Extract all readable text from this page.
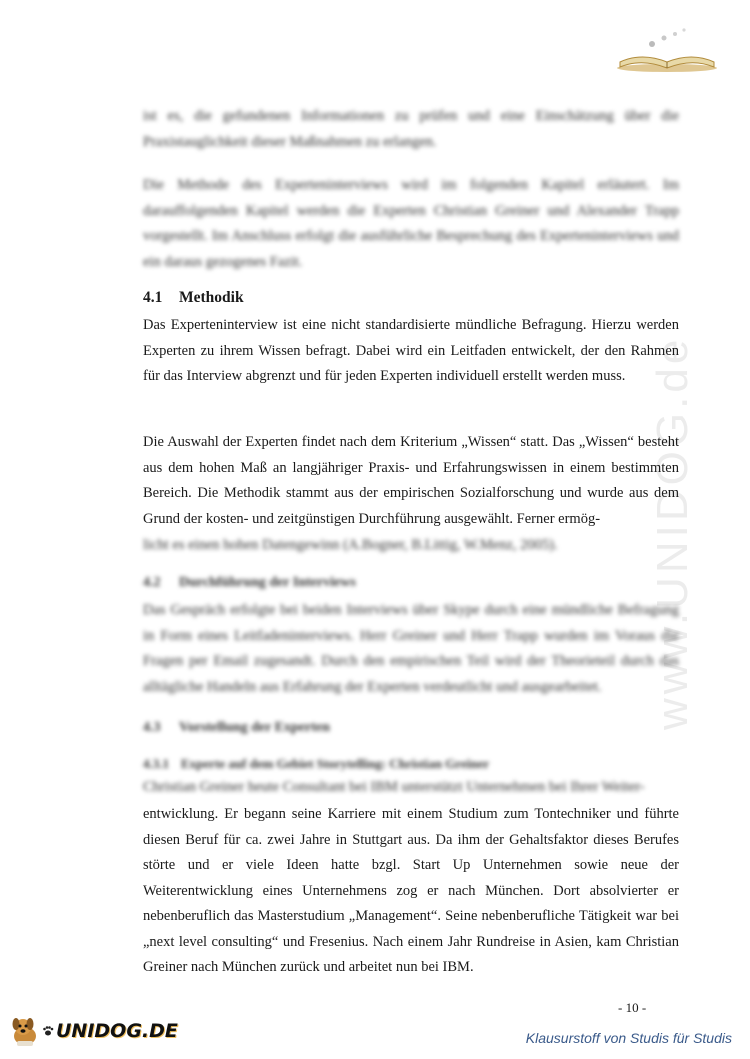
www.UNIDOG.de
ist es, die gefundenen Informationen zu prüfen und eine Einschätzung über die Praxistauglichkeit dieser Maßnahmen zu erlangen.
Die Methode des Experteninterviews wird im folgenden Kapitel erläutert. Im darauffolgenden Kapitel werden die Experten Christian Greiner und Alexander Trapp vorgestellt. Im Anschluss erfolgt die ausführliche Besprechung des Experteninterviews und ein daraus gezogenes Fazit.
4.1 Methodik
Das Experteninterview ist eine nicht standardisierte mündliche Befragung. Hierzu werden Experten zu ihrem Wissen befragt. Dabei wird ein Leitfaden entwickelt, der den Rahmen für das Interview abgrenzt und für jeden Experten individuell erstellt werden muss.
Die Auswahl der Experten findet nach dem Kriterium „Wissen“ statt. Das „Wissen“ besteht aus dem hohen Maß an langjähriger Praxis- und Erfahrungswissen in einem bestimmten Bereich. Die Methodik stammt aus der empirischen Sozialforschung und wurde aus dem Grund der kosten- und zeitgünstigen Durchführung ausgewählt. Ferner ermög-
licht es einen hohen Datengewinn (A.Bogner, B.Littig, W.Menz, 2005).
4.2 Durchführung der Interviews
Das Gespräch erfolgte bei beiden Interviews über Skype durch eine mündliche Befragung in Form eines Leitfadeninterviews. Herr Greiner und Herr Trapp wurden im Voraus die Fragen per Email zugesandt. Durch den empirischen Teil wird der Theorieteil durch das alltägliche Handeln aus Erfahrung der Experten verdeutlicht und ausgearbeitet.
4.3 Vorstellung der Experten
4.3.1 Experte auf dem Gebiet Storytelling: Christian Greiner
Christian Greiner heute Consultant bei IBM unterstützt Unternehmen bei Ihrer Weiter-
entwicklung. Er begann seine Karriere mit einem Studium zum Tontechniker und führte diesen Beruf für ca. zwei Jahre in Stuttgart aus. Da ihm der Gehaltsfaktor dieses Berufes störte und er viele Ideen hatte bzgl. Start Up Unternehmen sowie neue der Weiterentwicklung eines Unternehmens zog er nach München. Dort absolvierter er nebenberuflich das Masterstudium „Management“. Seine nebenberufliche Tätigkeit war bei „next level consulting“ und Fresenius. Nach einem Jahr Rundreise in Asien, kam Christian Greiner nach München zurück und arbeitet nun bei IBM.
- 10 -
UNIDOG.DE	Klausurstoff von Studis für Studis
